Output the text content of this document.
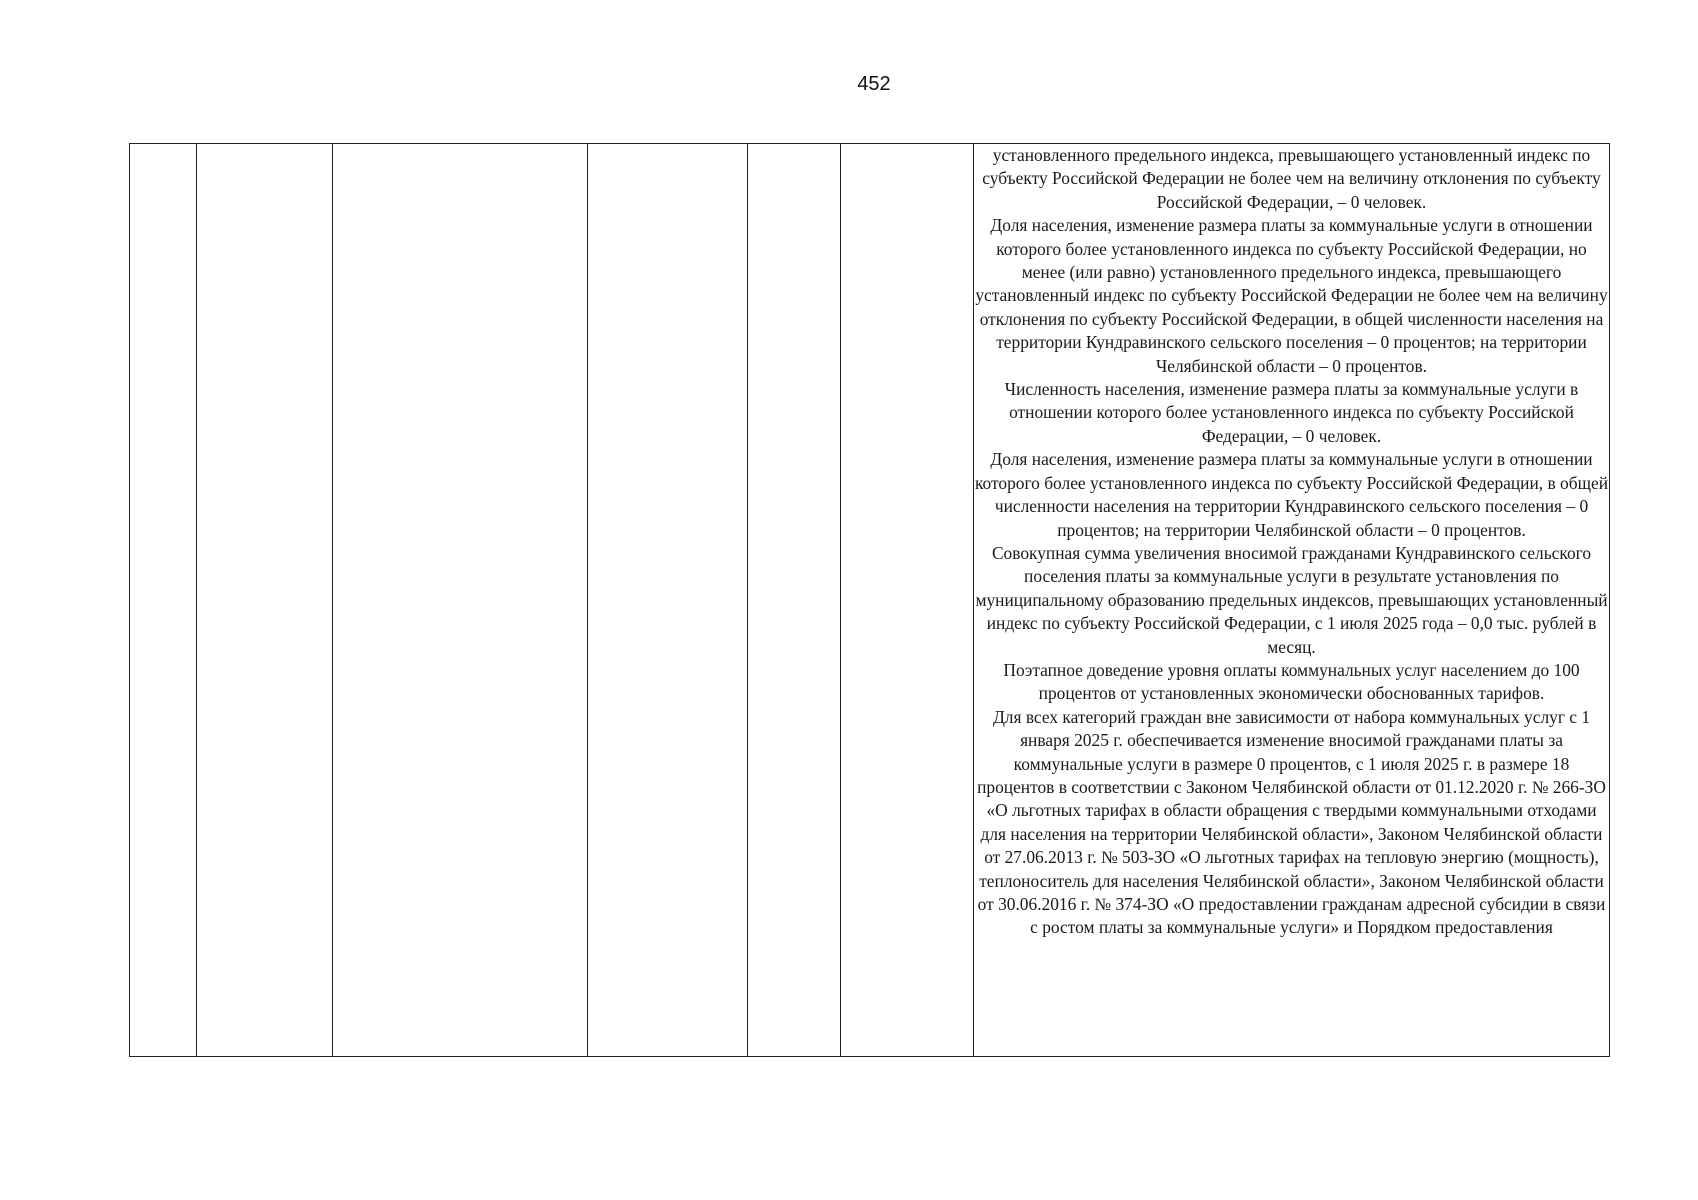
452

установленного предельного индекса, превышающего установленный индекс по субъекту Российской Федерации не более чем на величину отклонения по субъекту Российской Федерации, – 0 человек.

Доля населения, изменение размера платы за коммунальные услуги в отношении которого более установленного индекса по субъекту Российской Федерации, но менее (или равно) установленного предельного индекса, превышающего установленный индекс по субъекту Российской Федерации не более чем на величину отклонения по субъекту Российской Федерации, в общей численности населения на территории Кундравинского сельского поселения – 0 процентов; на территории Челябинской области – 0 процентов.

Численность населения, изменение размера платы за коммунальные услуги в отношении которого более установленного индекса по субъекту Российской Федерации, – 0 человек.

Доля населения, изменение размера платы за коммунальные услуги в отношении которого более установленного индекса по субъекту Российской Федерации, в общей численности населения на территории Кундравинского сельского поселения – 0 процентов; на территории Челябинской области – 0 процентов.

Совокупная сумма увеличения вносимой гражданами Кундравинского сельского поселения платы за коммунальные услуги в результате установления по муниципальному образованию предельных индексов, превышающих установленный индекс по субъекту Российской Федерации, с 1 июля 2025 года – 0,0 тыс. рублей в месяц.

Поэтапное доведение уровня оплаты коммунальных услуг населением до 100 процентов от установленных экономически обоснованных тарифов.

Для всех категорий граждан вне зависимости от набора коммунальных услуг с 1 января 2025 г. обеспечивается изменение вносимой гражданами платы за коммунальные услуги в размере 0 процентов, с 1 июля 2025 г. в размере 18 процентов в соответствии с Законом Челябинской области от 01.12.2020 г. № 266-ЗО «О льготных тарифах в области обращения с твердыми коммунальными отходами для населения на территории Челябинской области», Законом Челябинской области от 27.06.2013 г. № 503-ЗО «О льготных тарифах на тепловую энергию (мощность), теплоноситель для населения Челябинской области», Законом Челябинской области от 30.06.2016 г. № 374-ЗО «О предоставлении гражданам адресной субсидии в связи с ростом платы за коммунальные услуги» и Порядком предоставления
